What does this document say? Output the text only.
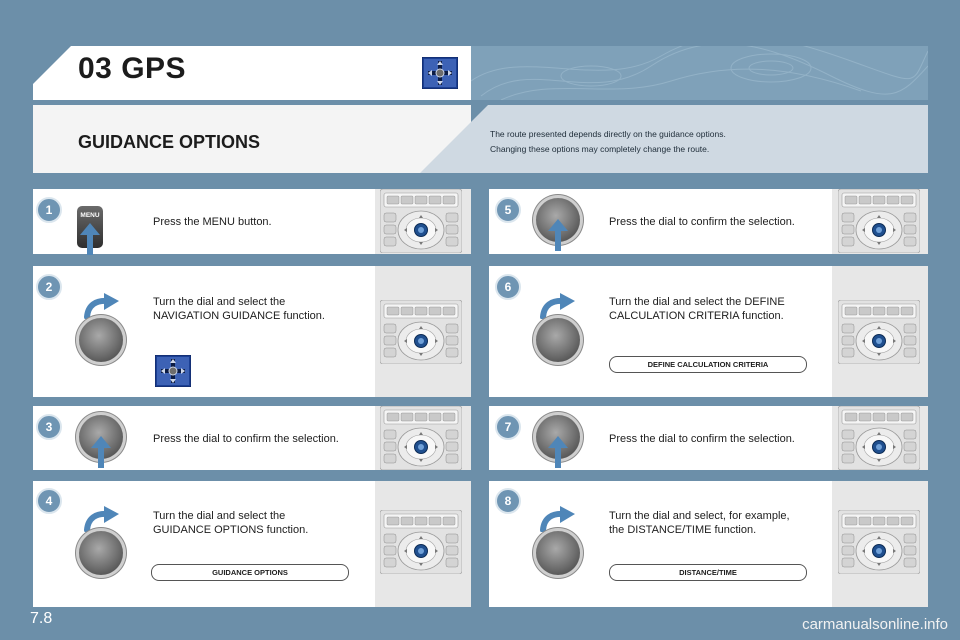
03 GPS
GUIDANCE OPTIONS	The route presented depends directly on the guidance options.
Changing these options may completely change the route.
1	MENU
Press the MENU button.
2
Turn the dial and select the
NAVIGATION GUIDANCE function.
3
Press the dial to confirm the selection.
4
Turn the dial and select the
GUIDANCE OPTIONS function.
GUIDANCE OPTIONS
5
Press the dial to confirm the selection.
6
Turn the dial and select the DEFINE
CALCULATION CRITERIA function.
DEFINE CALCULATION CRITERIA
7
Press the dial to confirm the selection.
8
Turn the dial and select, for example,
the DISTANCE/TIME function.
DISTANCE/TIME
7.8	carmanualsonline.info
